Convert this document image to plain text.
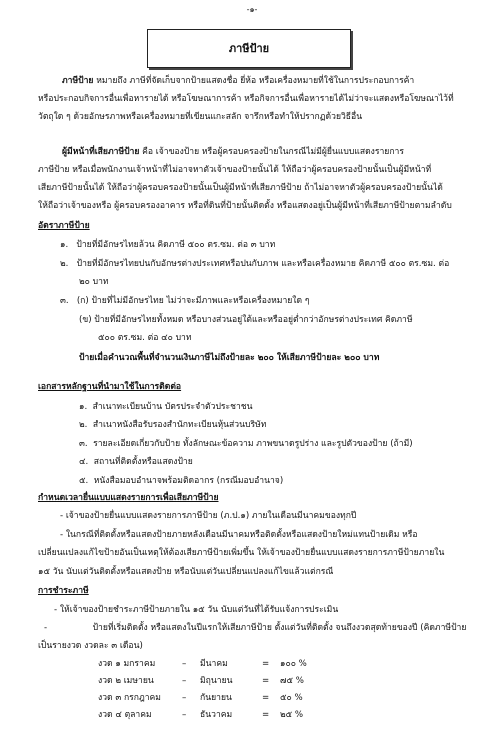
-๑-
ภาษีป้าย
ภาษีป้าย หมายถึง ภาษีที่จัดเก็บจากป้ายแสดงชื่อ ยี่ห้อ หรือเครื่องหมายที่ใช้ในการประกอบการค้า
หรือประกอบกิจการอื่นเพื่อหารายได้ หรือโฆษณาการค้า หรือกิจการอื่นเพื่อหารายได้ไม่ว่าจะแสดงหรือโฆษณาไว้ที่
วัตถุใด ๆ ด้วยอักษรภาพหรือเครื่องหมายที่เขียนแกะสลัก จารึกหรือทำให้ปรากฏด้วยวิธีอื่น
ผู้มีหน้าที่เสียภาษีป้าย คือ เจ้าของป้าย หรือผู้ครอบครองป้ายในกรณีไม่มีผู้ยื่นแบบแสดงรายการ
ภาษีป้าย หรือเมื่อพนักงานเจ้าหน้าที่ไม่อาจหาตัวเจ้าของป้ายนั้นได้ ให้ถือว่าผู้ครอบครองป้ายนั้นเป็นผู้มีหน้าที่
เสียภาษีป้ายนั้นได้ ให้ถือว่าผู้ครอบครองป้ายนั้นเป็นผู้มีหน้าที่เสียภาษีป้าย ถ้าไม่อาจหาตัวผู้ครอบครองป้ายนั้นได้
ให้ถือว่าเจ้าของหรือ ผู้ครอบครองอาคาร หรือที่ดินที่ป้ายนั้นติดตั้ง หรือแสดงอยู่เป็นผู้มีหน้าที่เสียภาษีป้ายตามลำดับ
อัตราภาษีป้าย
๑. ป้ายที่มีอักษรไทยล้วน คิดภาษี ๕๐๐ ตร.ซม. ต่อ ๓ บาท
๒. ป้ายที่มีอักษรไทยปนกับอักษรต่างประเทศหรือปนกับภาพ และหรือเครื่องหมาย คิดภาษี ๕๐๐ ตร.ซม. ต่อ
๒๐ บาท
๓. (ก) ป้ายที่ไม่มีอักษรไทย ไม่ว่าจะมีภาพและหรือเครื่องหมายใด ๆ
(ข) ป้ายที่มีอักษรไทยทั้งหมด หรือบางส่วนอยู่ใต้และหรืออยู่ต่ำกว่าอักษรต่างประเทศ คิดภาษี
๕๐๐ ตร.ซม. ต่อ ๔๐ บาท
ป้ายเมื่อคำนวณพื้นที่จำนวนเงินภาษีไม่ถึงป้ายละ ๒๐๐ ให้เสียภาษีป้ายละ ๒๐๐ บาท
เอกสารหลักฐานที่นำมาใช้ในการติดต่อ
๑. สำเนาทะเบียนบ้าน บัตรประจำตัวประชาชน
๒. สำเนาหนังสือรับรองสำนักทะเบียนหุ้นส่วนบริษัท
๓. รายละเอียดเกี่ยวกับป้าย ทั้งลักษณะข้อความ ภาพขนาดรูปร่าง และรูปตัวของป้าย (ถ้ามี)
๔. สถานที่ติดตั้งหรือแสดงป้าย
๕. หนังสือมอบอำนาจพร้อมติดอากร (กรณีมอบอำนาจ)
กำหนดเวลายื่นแบบแสดงรายการเพื่อเสียภาษีป้าย
- เจ้าของป้ายยื่นแบบแสดงรายการภาษีป้าย (ภ.ป.๑) ภายในเดือนมีนาคมของทุกปี
- ในกรณีที่ติดตั้งหรือแสดงป้ายภายหลังเดือนมีนาคมหรือติดตั้งหรือแสดงป้ายใหม่แทนป้ายเดิม หรือ
เปลี่ยนแปลงแก้ไขป้ายอันเป็นเหตุให้ต้องเสียภาษีป้ายเพิ่มขึ้น ให้เจ้าของป้ายยื่นแบบแสดงรายการภาษีป้ายภายใน
๑๕ วัน นับแต่วันติดตั้งหรือแสดงป้าย หรือนับแต่วันเปลี่ยนแปลงแก้ไขแล้วแต่กรณี
การชำระภาษี
- ให้เจ้าของป้ายชำระภาษีป้ายภายใน ๑๕ วัน นับแต่วันที่ได้รับแจ้งการประเมิน
-	ป้ายที่เริ่มติดตั้ง หรือแสดงในปีแรกให้เสียภาษีป้าย ตั้งแต่วันที่ติดตั้ง จนถึงงวดสุดท้ายของปี (คิดภาษีป้าย
เป็นรายงวด งวดละ ๓ เดือน)
งวด ๑ มกราคม	–	มีนาคม	=	๑๐๐ %
งวด ๒ เมษายน	–	มิถุนายน	=	๗๕ %
งวด ๓ กรกฎาคม	–	กันยายน	=	๕๐ %
งวด ๔ ตุลาคม	–	ธันวาคม	=	๒๕ %
